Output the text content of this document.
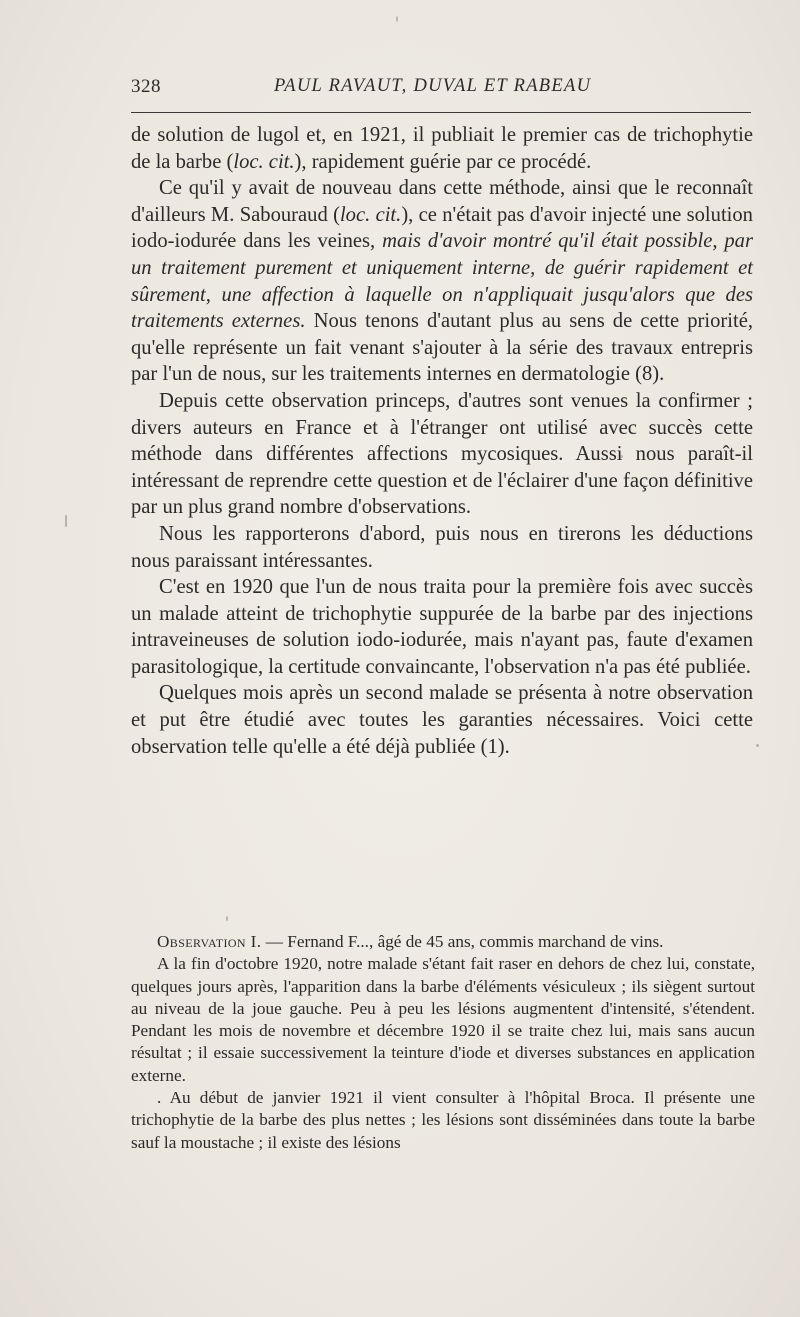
328	PAUL RAVAUT, DUVAL ET RABEAU

de solution de lugol et, en 1921, il publiait le premier cas de trichophytie de la barbe (loc. cit.), rapidement guérie par ce procédé.

Ce qu'il y avait de nouveau dans cette méthode, ainsi que le reconnaît d'ailleurs M. Sabouraud (loc. cit.), ce n'était pas d'avoir injecté une solution iodo-iodurée dans les veines, mais d'avoir montré qu'il était possible, par un traitement purement et uniquement interne, de guérir rapidement et sûrement, une affection à laquelle on n'appliquait jusqu'alors que des traitements externes. Nous tenons d'autant plus au sens de cette priorité, qu'elle représente un fait venant s'ajouter à la série des travaux entrepris par l'un de nous, sur les traitements internes en dermatologie (8).

Depuis cette observation princeps, d'autres sont venues la confirmer ; divers auteurs en France et à l'étranger ont utilisé avec succès cette méthode dans différentes affections mycosiques. Aussi nous paraît-il intéressant de reprendre cette question et de l'éclairer d'une façon définitive par un plus grand nombre d'observations.

Nous les rapporterons d'abord, puis nous en tirerons les déductions nous paraissant intéressantes.

C'est en 1920 que l'un de nous traita pour la première fois avec succès un malade atteint de trichophytie suppurée de la barbe par des injections intraveineuses de solution iodo-iodurée, mais n'ayant pas, faute d'examen parasitologique, la certitude convaincante, l'observation n'a pas été publiée.

Quelques mois après un second malade se présenta à notre observation et put être étudié avec toutes les garanties nécessaires. Voici cette observation telle qu'elle a été déjà publiée (1).

Observation I. — Fernand F..., âgé de 45 ans, commis marchand de vins.

A la fin d'octobre 1920, notre malade s'étant fait raser en dehors de chez lui, constate, quelques jours après, l'apparition dans la barbe d'éléments vésiculeux ; ils siègent surtout au niveau de la joue gauche. Peu à peu les lésions augmentent d'intensité, s'étendent. Pendant les mois de novembre et décembre 1920 il se traite chez lui, mais sans aucun résultat ; il essaie successivement la teinture d'iode et diverses substances en application externe.

. Au début de janvier 1921 il vient consulter à l'hôpital Broca. Il présente une trichophytie de la barbe des plus nettes ; les lésions sont disséminées dans toute la barbe sauf la moustache ; il existe des lésions
